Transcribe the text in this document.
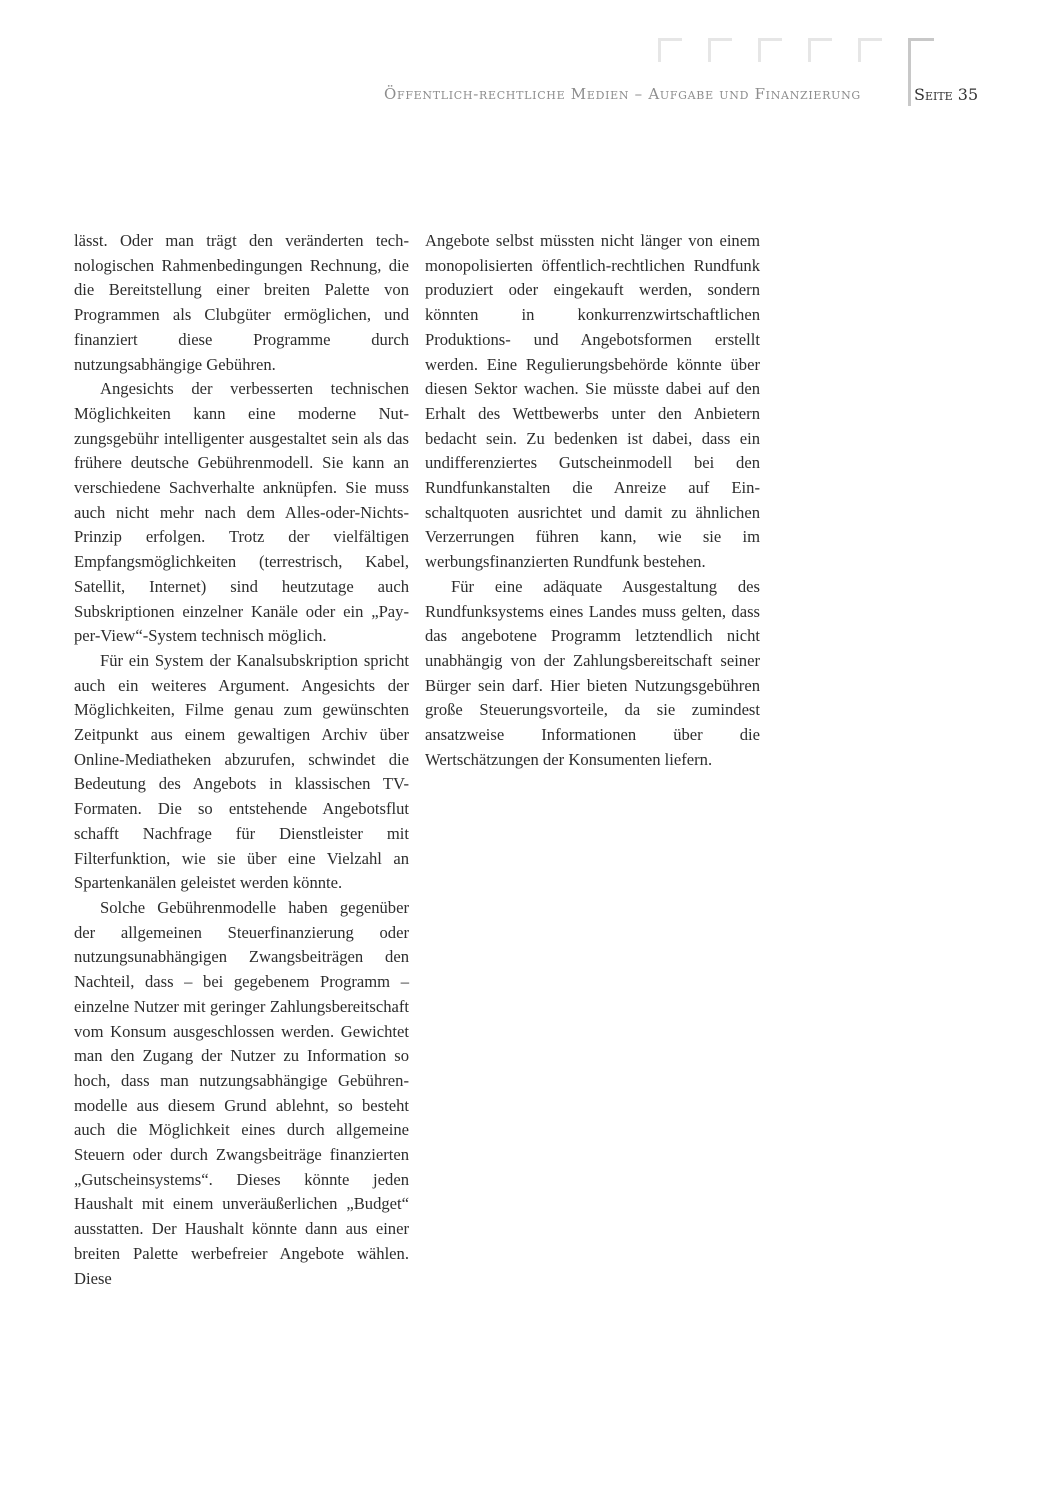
Öffentlich-rechtliche Medien – Aufgabe und Finanzierung	Seite 35

lässt. Oder man trägt den veränderten technologischen Rahmenbedingungen Rechnung, die die Bereitstellung einer breiten Palette von Programmen als Clubgüter ermöglichen, und finanziert diese Programme durch nutzungsabhängige Gebühren.

Angesichts der verbesserten technischen Möglichkeiten kann eine moderne Nutzungsgebühr intelligenter ausgestaltet sein als das frühere deutsche Gebührenmodell. Sie kann an verschiedene Sachverhalte anknüpfen. Sie muss auch nicht mehr nach dem Alles-oder-Nichts-Prinzip erfolgen. Trotz der vielfältigen Empfangsmöglichkeiten (terrestrisch, Kabel, Satellit, Internet) sind heutzutage auch Subskriptionen einzelner Kanäle oder ein „Pay-per-View“-System technisch möglich.

Für ein System der Kanalsubskription spricht auch ein weiteres Argument. Angesichts der Möglichkeiten, Filme genau zum gewünschten Zeitpunkt aus einem gewaltigen Archiv über Online-Mediatheken abzurufen, schwindet die Bedeutung des Angebots in klassischen TV-Formaten. Die so entstehende Angebotsflut schafft Nachfrage für Dienstleister mit Filterfunktion, wie sie über eine Vielzahl an Spartenkanälen geleistet werden könnte.

Solche Gebührenmodelle haben gegenüber der allgemeinen Steuerfinanzierung oder nutzungsunabhängigen Zwangsbeiträgen den Nachteil, dass – bei gegebenem Programm – einzelne Nutzer mit geringer Zahlungsbereitschaft vom Konsum ausgeschlossen werden. Gewichtet man den Zugang der Nutzer zu Information so hoch, dass man nutzungsabhängige Gebührenmodelle aus diesem Grund ablehnt, so besteht auch die Möglichkeit eines durch allgemeine Steuern oder durch Zwangsbeiträge finanzierten „Gutscheinsystems“. Dieses könnte jeden Haushalt mit einem unveräußerlichen „Budget“ ausstatten. Der Haushalt könnte dann aus einer breiten Palette werbefreier Angebote wählen. Diese

Angebote selbst müssten nicht länger von einem monopolisierten öffentlich-rechtlichen Rundfunk produziert oder eingekauft werden, sondern könnten in konkurrenzwirtschaftlichen Produktions- und Angebotsformen erstellt werden. Eine Regulierungsbehörde könnte über diesen Sektor wachen. Sie müsste dabei auf den Erhalt des Wettbewerbs unter den Anbietern bedacht sein. Zu bedenken ist dabei, dass ein undifferenziertes Gutscheinmodell bei den Rundfunkanstalten die Anreize auf Einschaltquoten ausrichtet und damit zu ähnlichen Verzerrungen führen kann, wie sie im werbungsfinanzierten Rundfunk bestehen.

Für eine adäquate Ausgestaltung des Rundfunksystems eines Landes muss gelten, dass das angebotene Programm letztendlich nicht unabhängig von der Zahlungsbereitschaft seiner Bürger sein darf. Hier bieten Nutzungsgebühren große Steuerungsvorteile, da sie zumindest ansatzweise Informationen über die Wertschätzungen der Konsumenten liefern.
